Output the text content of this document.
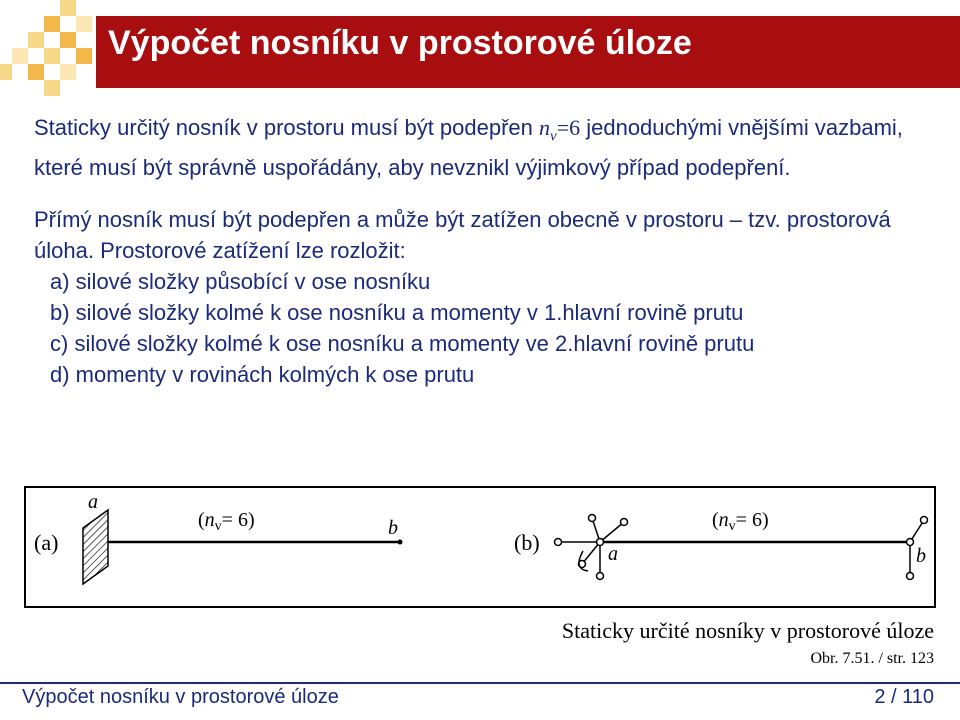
Výpočet nosníku v prostorové úloze

Staticky určitý nosník v prostoru musí být podepřen $n_v=6$ jednoduchými vnějšími vazbami, které musí být správně uspořádány, aby nevznikl výjimkový případ podepření.

Přímý nosník musí být podepřen a může být zatížen obecně v prostoru – tzv. prostorová úloha. Prostorové zatížení lze rozložit:

a) silové složky působící v ose nosníku

b) silové složky kolmé k ose nosníku a momenty v 1.hlavní rovině prutu

c) silové složky kolmé k ose nosníku a momenty ve 2.hlavní rovině prutu

d) momenty v rovinách kolmých k ose prutu

(a)
a
b
$(n_v= 6)$
(b)
$(n_v= 6)$
a	b
Staticky určité nosníky v prostorové úloze
Obr. 7.51. / str. 123
Výpočet nosníku v prostorové úloze	2 / 110
